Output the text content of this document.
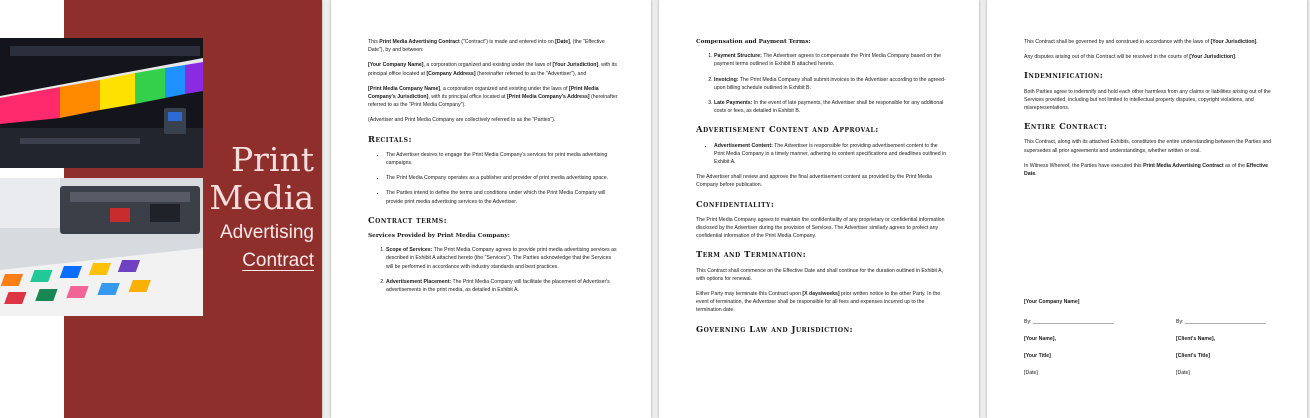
Print
Media
Advertising
Contract

This Print Media Advertising Contract ("Contract") is made and entered into on [Date], (the "Effective Date"), by and between:

[Your Company Name], a corporation organized and existing under the laws of [Your Jurisdiction], with its principal office located at [Company Address] (hereinafter referred to as the "Advertiser"), and

[Print Media Company Name], a corporation organized and existing under the laws of [Print Media Company's Jurisdiction], with its principal office located at [Print Media Company's Address] (hereinafter referred to as the "Print Media Company").

(Advertiser and Print Media Company are collectively referred to as the "Parties").

Recitals:
• The Advertiser desires to engage the Print Media Company's services for print media advertising campaigns.
• The Print Media Company operates as a publisher and provider of print media advertising space.
• The Parties intend to define the terms and conditions under which the Print Media Company will provide print media advertising services to the Advertiser.
Contract terms:
Services Provided by Print Media Company:
1. Scope of Services: The Print Media Company agrees to provide print media advertising services as described in Exhibit A attached hereto (the "Services"). The Parties acknowledge that the Services will be performed in accordance with industry standards and best practices.
2. Advertisement Placement: The Print Media Company will facilitate the placement of Advertiser's advertisements in the print media, as detailed in Exhibit A.
Compensation and Payment Terms:
1. Payment Structure: The Advertiser agrees to compensate the Print Media Company based on the payment terms outlined in Exhibit B attached hereto.
2. Invoicing: The Print Media Company shall submit invoices to the Advertiser according to the agreed-upon billing schedule outlined in Exhibit B.
3. Late Payments: In the event of late payments, the Advertiser shall be responsible for any additional costs or fees, as detailed in Exhibit B.
Advertisement Content and Approval:
• Advertisement Content: The Advertiser is responsible for providing advertisement content to the Print Media Company in a timely manner, adhering to content specifications and deadlines outlined in Exhibit A.

The Advertiser shall review and approve the final advertisement content as provided by the Print Media Company before publication.

Confidentiality:

The Print Media Company agrees to maintain the confidentiality of any proprietary or confidential information disclosed by the Advertiser during the provision of Services. The Advertiser similarly agrees to protect any confidential information of the Print Media Company.

Term and Termination:

This Contract shall commence on the Effective Date and shall continue for the duration outlined in Exhibit A, with options for renewal.

Either Party may terminate this Contract upon [X days/weeks] prior written notice to the other Party. In the event of termination, the Advertiser shall be responsible for all fees and expenses incurred up to the termination date.

Governing Law and Jurisdiction:

This Contract shall be governed by and construed in accordance with the laws of [Your Jurisdiction].

Any disputes arising out of this Contract will be resolved in the courts of [Your Jurisdiction].

Indemnification:

Both Parties agree to indemnify and hold each other harmless from any claims or liabilities arising out of the Services provided, including but not limited to intellectual property disputes, copyright violations, and misrepresentations.

Entire Contract:

This Contract, along with its attached Exhibits, constitutes the entire understanding between the Parties and supersedes all prior agreements and understandings, whether written or oral.

In Witness Whereof, the Parties have executed this Print Media Advertising Contract as of the Effective Date.

[Your Company Name]
By: ____________________________
[Your Name],
[Your Title]
[Date]
By: ____________________________
[Client's Name],
[Client's Title]
[Date]
